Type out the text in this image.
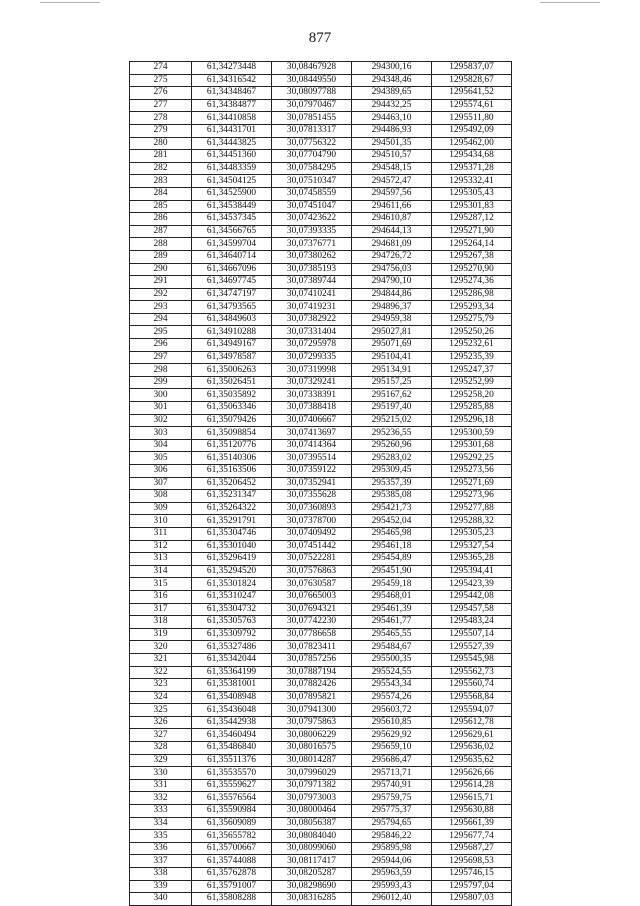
877
274	61,34273448	30,08467928	294300,16	1295837,07
275	61,34316542	30,08449550	294348,46	1295828,67
276	61,34348467	30,08097788	294389,65	1295641,52
277	61,34384877	30,07970467	294432,25	1295574,61
278	61,34410858	30,07851455	294463,10	1295511,80
279	61,34431701	30,07813317	294486,93	1295492,09
280	61,34443825	30,07756322	294501,35	1295462,00
281	61,34451360	30,07704790	294510,57	1295434,68
282	61,34483359	30,07584295	294548,15	1295371,28
283	61,34504125	30,07510347	294572,47	1295332,41
284	61,34525900	30,07458559	294597,56	1295305,43
285	61,34538449	30,07451047	294611,66	1295301,83
286	61,34537345	30,07423622	294610,87	1295287,12
287	61,34566765	30,07393335	294644,13	1295271,90
288	61,34599704	30,07376771	294681,09	1295264,14
289	61,34640714	30,07380262	294726,72	1295267,38
290	61,34667096	30,07385193	294756,03	1295270,90
291	61,34697745	30,07389744	294790,10	1295274,36
292	61,34747197	30,07410241	294844,86	1295286,98
293	61,34793565	30,07419231	294896,37	1295293,34
294	61,34849603	30,07382922	294959,38	1295275,79
295	61,34910288	30,07331404	295027,81	1295250,26
296	61,34949167	30,07295978	295071,69	1295232,61
297	61,34978587	30,07299335	295104,41	1295235,39
298	61,35006263	30,07319998	295134,91	1295247,37
299	61,35026451	30,07329241	295157,25	1295252,99
300	61,35035892	30,07338391	295167,62	1295258,20
301	61,35063346	30,07388418	295197,40	1295285,88
302	61,35079426	30,07406667	295215,02	1295296,18
303	61,35098854	30,07413697	295236,55	1295300,59
304	61,35120776	30,07414364	295260,96	1295301,68
305	61,35140306	30,07395514	295283,02	1295292,25
306	61,35163506	30,07359122	295309,45	1295273,56
307	61,35206452	30,07352941	295357,39	1295271,69
308	61,35231347	30,07355628	295385,08	1295273,96
309	61,35264322	30,07360893	295421,73	1295277,88
310	61,35291791	30,07378700	295452,04	1295288,32
311	61,35304746	30,07409492	295465,98	1295305,23
312	61,35301040	30,07451442	295461,18	1295327,54
313	61,35296419	30,07522281	295454,89	1295365,28
314	61,35294520	30,07576863	295451,90	1295394,41
315	61,35301824	30,07630587	295459,18	1295423,39
316	61,35310247	30,07665003	295468,01	1295442,08
317	61,35304732	30,07694321	295461,39	1295457,58
318	61,35305763	30,07742230	295461,77	1295483,24
319	61,35309792	30,07786658	295465,55	1295507,14
320	61,35327486	30,07823411	295484,67	1295527,39
321	61,35342044	30,07857256	295500,35	1295545,98
322	61,35364199	30,07887194	295524,55	1295562,73
323	61,35381001	30,07882426	295543,34	1295560,74
324	61,35408948	30,07895821	295574,26	1295568,84
325	61,35436048	30,07941300	295603,72	1295594,07
326	61,35442938	30,07975863	295610,85	1295612,78
327	61,35460494	30,08006229	295629,92	1295629,61
328	61,35486840	30,08016575	295659,10	1295636,02
329	61,35511376	30,08014287	295686,47	1295635,62
330	61,35535570	30,07996029	295713,71	1295626,66
331	61,35559627	30,07971382	295740,91	1295614,28
332	61,35576564	30,07973003	295759,75	1295615,71
333	61,35590984	30,08000464	295775,37	1295630,88
334	61,35609089	30,08056387	295794,65	1295661,39
335	61,35655782	30,08084040	295846,22	1295677,74
336	61,35700667	30,08099060	295895,98	1295687,27
337	61,35744088	30,08117417	295944,06	1295698,53
338	61,35762878	30,08205287	295963,59	1295746,15
339	61,35791007	30,08298690	295993,43	1295797,04
340	61,35808288	30,08316285	296012,40	1295807,03
